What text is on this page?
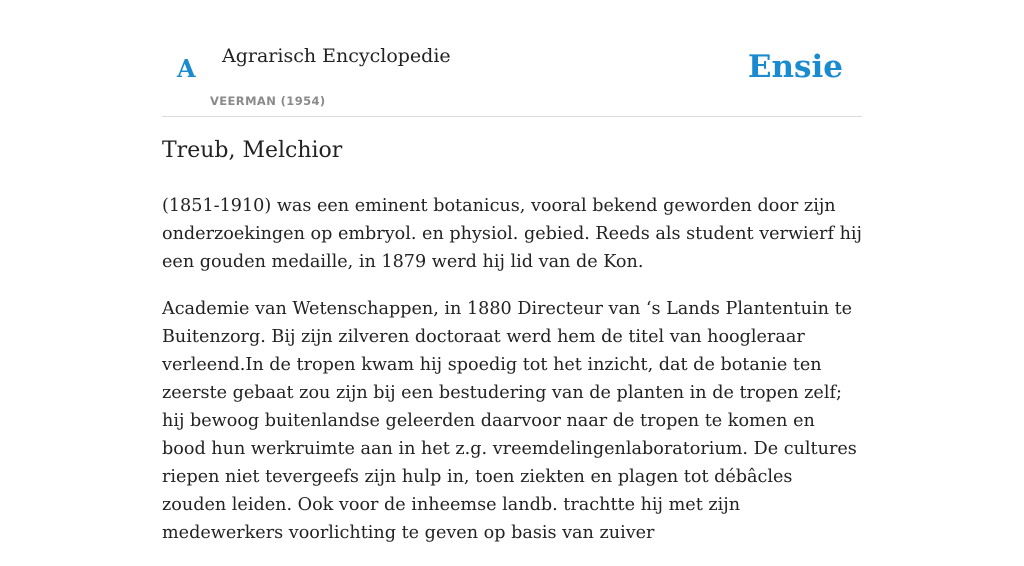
A Agrarisch Encyclopedie
VEERMAN (1954)
Ensie
Treub, Melchior

(1851-1910) was een eminent botanicus, vooral bekend geworden door zijn onderzoekingen op embryol. en physiol. gebied. Reeds als student verwierf hij een gouden medaille, in 1879 werd hij lid van de Kon.

Academie van Wetenschappen, in 1880 Directeur van ‘s Lands Plantentuin te Buitenzorg. Bij zijn zilveren doctoraat werd hem de titel van hoogleraar verleend.In de tropen kwam hij spoedig tot het inzicht, dat de botanie ten zeerste gebaat zou zijn bij een bestudering van de planten in de tropen zelf; hij bewoog buitenlandse geleerden daarvoor naar de tropen te komen en bood hun werkruimte aan in het z.g. vreemdelingenlaboratorium. De cultures riepen niet tevergeefs zijn hulp in, toen ziekten en plagen tot débâcles zouden leiden. Ook voor de inheemse landb. trachtte hij met zijn medewerkers voorlichting te geven op basis van zuiver
